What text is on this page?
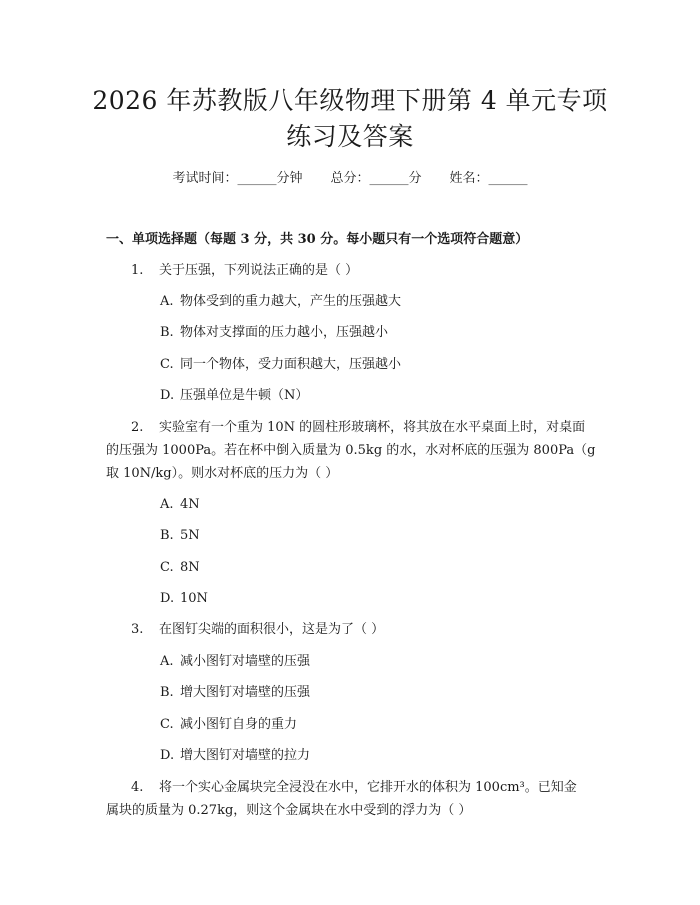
2026 年苏教版八年级物理下册第 4 单元专项
练习及答案
考试时间：______分钟 总分：______分 姓名：______
一、单项选择题（每题 3 分，共 30 分。每小题只有一个选项符合题意）
1. 关于压强，下列说法正确的是（ ）
A. 物体受到的重力越大，产生的压强越大
B. 物体对支撑面的压力越小，压强越小
C. 同一个物体，受力面积越大，压强越小
D. 压强单位是牛顿（N）
2. 实验室有一个重为 10N 的圆柱形玻璃杯，将其放在水平桌面上时，对桌面
的压强为 1000Pa。若在杯中倒入质量为 0.5kg 的水，水对杯底的压强为 800Pa（g
取 10N/kg）。则水对杯底的压力为（ ）
A. 4N
B. 5N
C. 8N
D. 10N
3. 在图钉尖端的面积很小，这是为了（ ）
A. 减小图钉对墙壁的压强
B. 增大图钉对墙壁的压强
C. 减小图钉自身的重力
D. 增大图钉对墙壁的拉力
4. 将一个实心金属块完全浸没在水中，它排开水的体积为 100cm³。已知金
属块的质量为 0.27kg，则这个金属块在水中受到的浮力为（ ）
